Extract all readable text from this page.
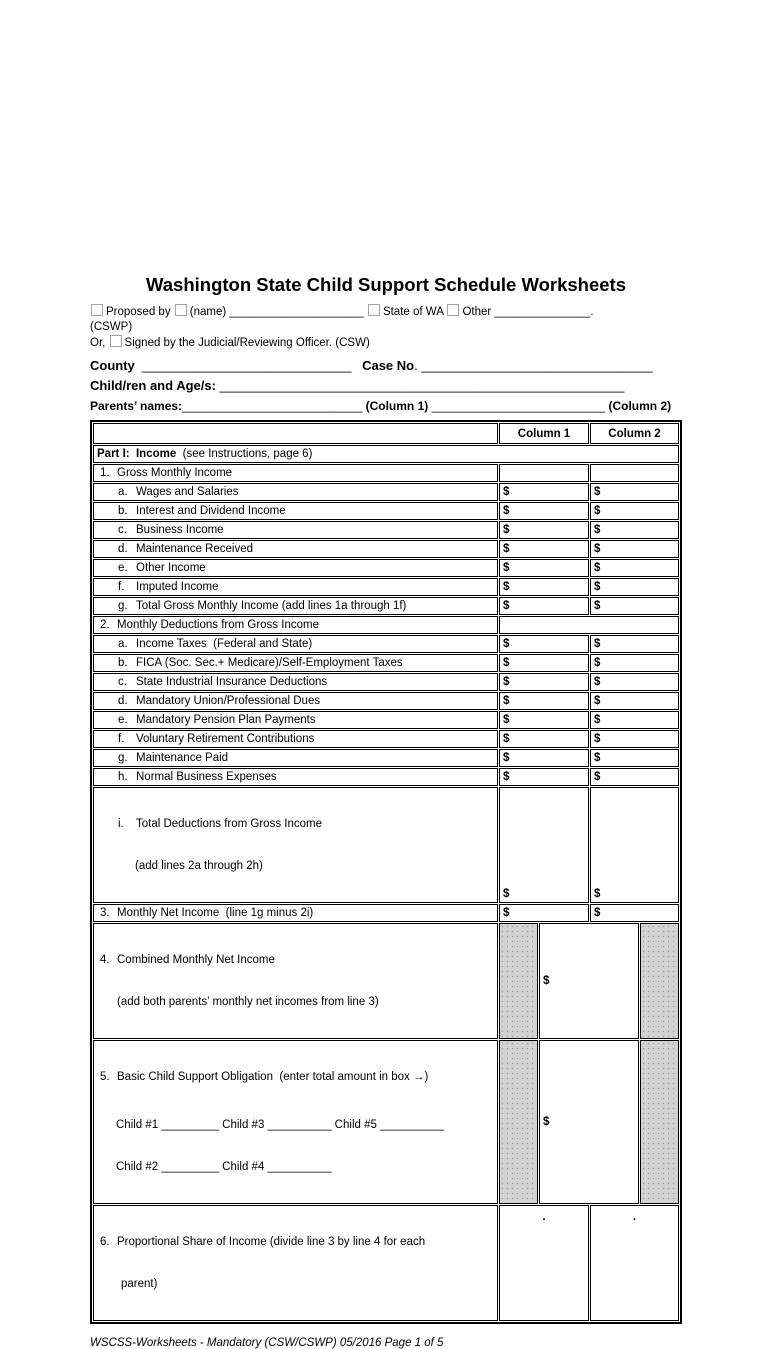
Washington State Child Support Schedule Worksheets
Proposed by (name) _____________________ State of WA Other _______________.
(CSWP)
Or, Signed by the Judicial/Reviewing Officer. (CSW)
County _____________________________ Case No. ________________________________
Child/ren and Age/s: ________________________________________________________
Parents’ names:___________________________ (Column 1) __________________________ (Column 2)
Column 1	Column 2
Part I:  Income  (see Instructions, page 6)
1. Gross Monthly Income
a. Wages and Salaries	$	$
b. Interest and Dividend Income	$	$
c. Business Income	$	$
d. Maintenance Received	$	$
e. Other Income	$	$
f. Imputed Income	$	$
g. Total Gross Monthly Income (add lines 1a through 1f)	$	$
2. Monthly Deductions from Gross Income
a. Income Taxes  (Federal and State)	$	$
b. FICA (Soc. Sec.+ Medicare)/Self-Employment Taxes	$	$
c. State Industrial Insurance Deductions	$	$
d. Mandatory Union/Professional Dues	$	$
e. Mandatory Pension Plan Payments	$	$
f. Voluntary Retirement Contributions	$	$
g. Maintenance Paid	$	$
h. Normal Business Expenses	$	$

i. Total Deductions from Gross Income

(add lines 2a through 2h)

$	$
3. Monthly Net Income  (line 1g minus 2i)	$	$

4. Combined Monthly Net Income

(add both parents’ monthly net incomes from line 3)

$

5. Basic Child Support Obligation  (enter total amount in box →)

Child #1 _________ Child #3 __________ Child #5 __________

Child #2 _________ Child #4 __________

$

6. Proportional Share of Income (divide line 3 by line 4 for each

parent)

.	.
WSCSS-Worksheets - Mandatory (CSW/CSWP) 05/2016 Page 1 of 5
